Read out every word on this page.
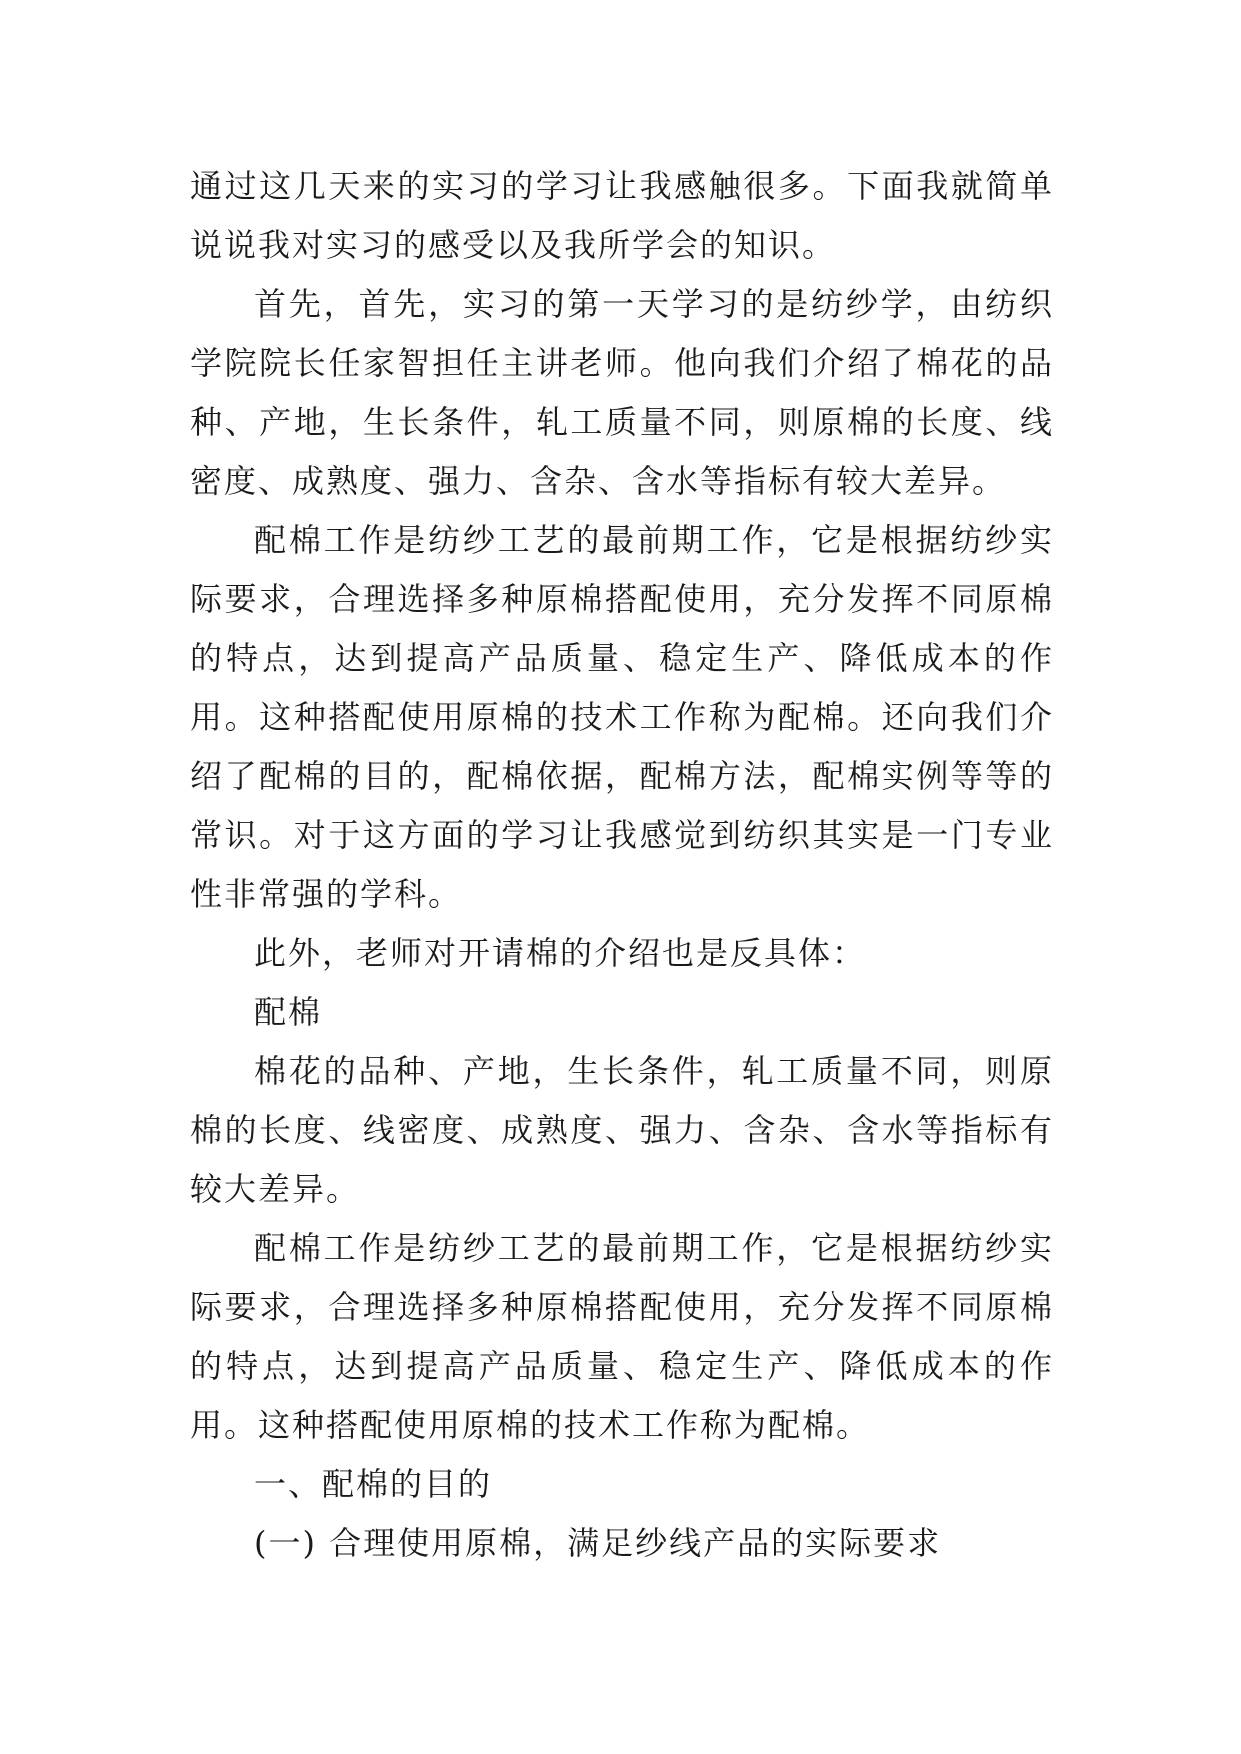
通过这几天来的实习的学习让我感触很多。下面我就简单说说我对实习的感受以及我所学会的知识。

首先，首先，实习的第一天学习的是纺纱学，由纺织学院院长任家智担任主讲老师。他向我们介绍了棉花的品种、产地，生长条件，轧工质量不同，则原棉的长度、线密度、成熟度、强力、含杂、含水等指标有较大差异。

配棉工作是纺纱工艺的最前期工作，它是根据纺纱实际要求，合理选择多种原棉搭配使用，充分发挥不同原棉的特点，达到提高产品质量、稳定生产、降低成本的作用。这种搭配使用原棉的技术工作称为配棉。还向我们介绍了配棉的目的，配棉依据，配棉方法，配棉实例等等的常识。对于这方面的学习让我感觉到纺织其实是一门专业性非常强的学科。

此外，老师对开请棉的介绍也是反具体：

配棉

棉花的品种、产地，生长条件，轧工质量不同，则原棉的长度、线密度、成熟度、强力、含杂、含水等指标有较大差异。

配棉工作是纺纱工艺的最前期工作，它是根据纺纱实际要求，合理选择多种原棉搭配使用，充分发挥不同原棉的特点，达到提高产品质量、稳定生产、降低成本的作用。这种搭配使用原棉的技术工作称为配棉。

一、配棉的目的

(一) 合理使用原棉，满足纱线产品的实际要求
